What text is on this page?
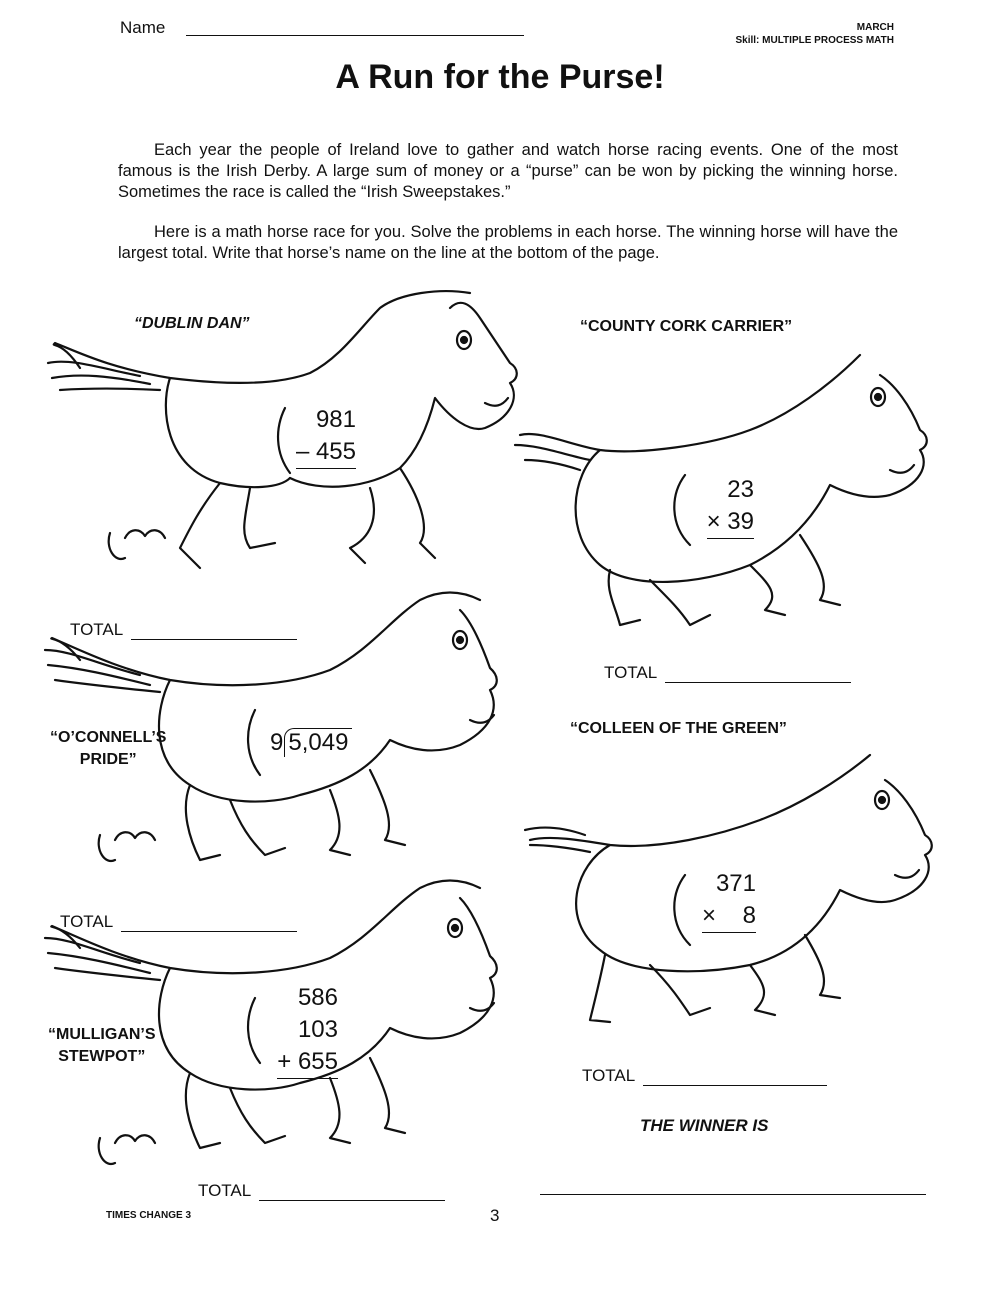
Name	MARCH
Skill: MULTIPLE PROCESS MATH
A Run for the Purse!

Each year the people of Ireland love to gather and watch horse racing events. One of the most famous is the Irish Derby. A large sum of money or a “purse” can be won by picking the winning horse. Sometimes the race is called the “Irish Sweepstakes.”

Here is a math horse race for you. Solve the problems in each horse. The winning horse will have the largest total. Write that horse’s name on the line at the bottom of the page.

“DUBLIN DAN”	“COUNTY CORK CARRIER”
“O’CONNELL’S
PRIDE”
“COLLEEN OF THE GREEN”
“MULLIGAN’S
STEWPOT”
981
– 455
23
× 39
9 5,049
371
×    8
586
103
+ 655
TOTAL
TOTAL
TOTAL
TOTAL
TOTAL
THE WINNER IS
TIMES CHANGE 3	3
